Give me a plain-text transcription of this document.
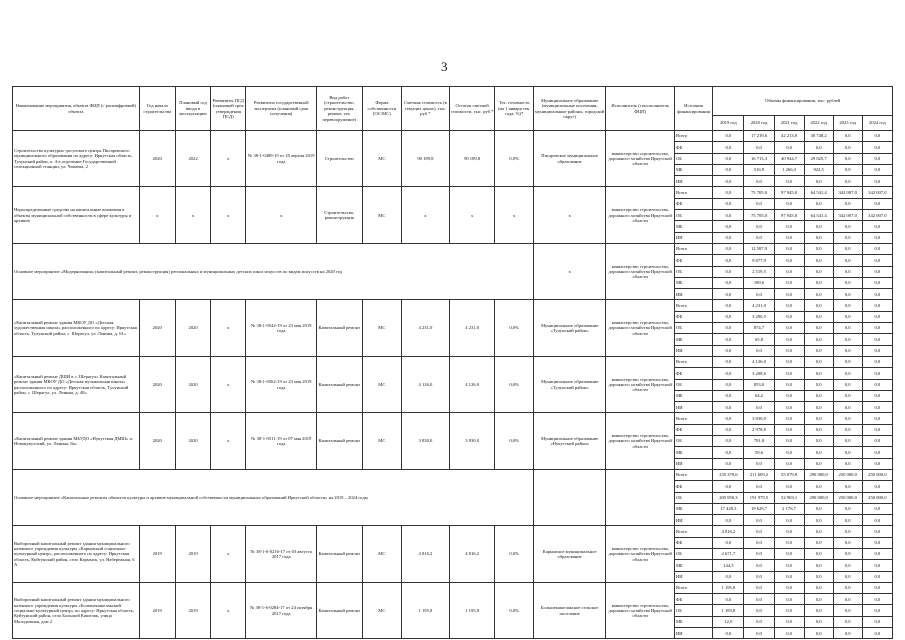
3
Наименование мероприятия, объекта ФЦП (с расшифровкой) объекта	Год начала строительства	Плановый год ввода в эксплуатацию	Реквизиты ПСД (плановый срок утверждения ПСД)	Реквизиты государственной экспертизы (плановый срок получения)	Вид работ (строительство, реконструкция, ремонт, тех. перевооружение)	Форма собственности (ОС/МС)	Сметная стоимость (в текущих ценах), тыс. руб.*	Остаток сметной стоимости, тыс. руб.*	Тех. готовность (на 1 января тек. года, %)*	Муниципальное образование (муниципальные поселения, муниципальные районы, городской округ)	Исполнитель (соисполнитель ФЦП)	Источник финансирования	Объемы финансирования, тыс. рублей					
													2019 год	2020 год	2021 год	2022 год	2023 год	2024 год
Строительство культурно-досугового центра Писаревского муниципального образования по адресу: Иркутская область, Тулунский район, п. 4-е отделение Государственной селекционной станции, ул. Чапаева, 2	2020	2022	х	№ 38-1-0489-19 от 18 апреля 2019 года	Строительство	МС	90 189,8	90 189,8	0,0%	Писаревское муниципальное образование	министерство строительства, дорожного хозяйства Иркутской области	Всего	0,0	17 219,6	42 213,0	30 748,2	0,0	0,0
												ФБ	0,0	0,0	0,0	0,0	0,0	0,0
												ОБ	0,0	16 713,3	40 944,7	29 825,7	0,0	0,0
												МБ	0,0	516,9	1 266,3	922,5	0,0	0,0
												ИИ	0,0	0,0	0,0	0,0	0,0	0,0
Нераспределенные средства на капитальные вложения в объекты муниципальной собственности в сфере культуры и архивов	х	х	х	х	Строительство, реконструкция	МС	х	х	х	х	министерство строительства, дорожного хозяйства Иркутской области	Всего	0,0	75 705,0	97 945,0	64 541,4	342 007,0	342 007,0
												ФБ	0,0	0,0	0,0	0,0	0,0	0,0
												ОБ	0,0	75 705,0	97 945,0	64 541,4	342 007,0	342 007,0
												МБ	0,0	0,0	0,0	0,0	0,0	0,0
												ИИ	0,0	0,0	0,0	0,0	0,0	0,0
Основное мероприятие «Модернизация» (капитальный ремонт, реконструкция) региональных и муниципальных детских школ искусств по видам искусств на 2020 год										х	министерство строительства, дорожного хозяйства Иркутской области	Всего	0,0	12 587,9	0,0	0,0	0,0	0,0
												ФБ	0,0	9 877,9	0,0	0,0	0,0	0,0
												ОБ	0,0	2 519,5	0,0	0,0	0,0	0,0
												МБ	0,0	189,6	0,0	0,0	0,0	0,0
												ИИ	0,0	0,0	0,0	0,0	0,0	0,0
«Капитальный ремонт здания МКОУ ДО «Детская художественная школа» расположенного по адресу: Иркутская область, Тулунский район, с. Шерагул, ул. Ленина, д. 61»	2020	2020	х	№ 38-1-0542-19 от 23 мая 2019 года	Капитальный ремонт	МС	4 231,0	4 231,0	0,0%	Муниципальное образование «Тулунский район»	министерство строительства, дорожного хозяйства Иркутской области	Всего	0,0	4 231,0	0,0	0,0	0,0	0,0
												ФБ	0,0	3 290,5	0,0	0,0	0,0	0,0
												ОБ	0,0	874,7	0,0	0,0	0,0	0,0
												МБ	0,0	65,8	0,0	0,0	0,0	0,0
												ИИ	0,0	0,0	0,0	0,0	0,0	0,0
«Капитальный ремонт ДШИ в с. Шерагул» Капитальный ремонт здания МКОУ ДО «Детская музыкальная школа» расположенного по адресу: Иркутская область, Тулунский район, с. Шерагул, ул. Ленина, д. 48»	2020	2020	х	№ 38-1-0562-19 от 23 мая 2019 года	Капитальный ремонт	МС	4 126,0	4 126,0	0,0%	Муниципальное образование «Тулунский район»	министерство строительства, дорожного хозяйства Иркутской области	Всего	0,0	4 126,0	0,0	0,0	0,0	0,0
												ФБ	0,0	3 208,6	0,0	0,0	0,0	0,0
												ОБ	0,0	853,0	0,0	0,0	0,0	0,0
												МБ	0,0	64,2	0,0	0,0	0,0	0,0
												ИИ	0,0	0,0	0,0	0,0	0,0	0,0
«Капитальный ремонт здания МБУДО «Нукутская ДМШ» п. Новонукутский, ул. Ленина, 8а»	2020	2020	х	№ 38-1-0511-19 от 07 мая 2019 года	Капитальный ремонт	МС	3 830,0	3 830,0	0,0%	Муниципальное образование «Нукутский район»	министерство строительства, дорожного хозяйства Иркутской области	Всего	0,0	3 830,0	0,0	0,0	0,0	0,0
												ФБ	0,0	2 978,8	0,0	0,0	0,0	0,0
												ОБ	0,0	791,8	0,0	0,0	0,0	0,0
												МБ	0,0	59,6	0,0	0,0	0,0	0,0
												ИИ	0,0	0,0	0,0	0,0	0,0	0,0
Основное мероприятие «Капитальные ремонты объектов культуры и архивов муниципальной собственности муниципальных образований Иркутской области» на 2019 – 2024 годы												Всего	235 378,6	211 609,2	55 079,8	290 000,0	250 000,0	250 000,0
												ФБ	0,0	0,0	0,0	0,0	0,0	0,0
												ОБ	205 950,3	191 979,5	52 903,1	290 000,0	250 000,0	250 000,0
												МБ	17 428,3	19 629,7	2 176,7	0,0	0,0	0,0
												ИИ	0,0	0,0	0,0	0,0	0,0	0,0
Выборочный капитальный ремонт здания муниципального казенного учреждения культуры «Карымский социально-культурный центр», расположенного по адресу: Иркутская область, Куйтунский район, село Карымск, ул. Набережная, 6 А	2019	2019	х	№ 38-1-6-0216-17 от 03 августа 2017 года	Капитальный ремонт	МС	4 816,2	4 816,2	0,0%	Карымское муниципальное образование	министерство строительства, дорожного хозяйства Иркутской области	Всего	4 816,2	0,0	0,0	0,0	0,0	0,0
												ФБ	0,0	0,0	0,0	0,0	0,0	0,0
												ОБ	4 671,7	0,0	0,0	0,0	0,0	0,0
												МБ	144,5	0,0	0,0	0,0	0,0	0,0
												ИИ	0,0	0,0	0,0	0,0	0,0	0,0
Выборочный капитальный ремонт здания муниципального казенного учреждения культуры «Большекашелакский социально-культурный центр» по адресу: Иркутская область, Куйтунский район, село Большой Кашелак, улица Молодежная, дом 2	2019	2019	х	№ 38-1-6-0284-17 от 24 октября 2017 года	Капитальный ремонт	МС	1 195,8	1 195,8	0,0%	Большекашелакское сельское поселение	министерство строительства, дорожного хозяйства Иркутской области	Всего	1 195,8	0,0	0,0	0,0	0,0	0,0
												ФБ	0,0	0,0	0,0	0,0	0,0	0,0
												ОБ	1 183,8	0,0	0,0	0,0	0,0	0,0
												МБ	12,0	0,0	0,0	0,0	0,0	0,0
												ИИ	0,0	0,0	0,0	0,0	0,0	0,0
